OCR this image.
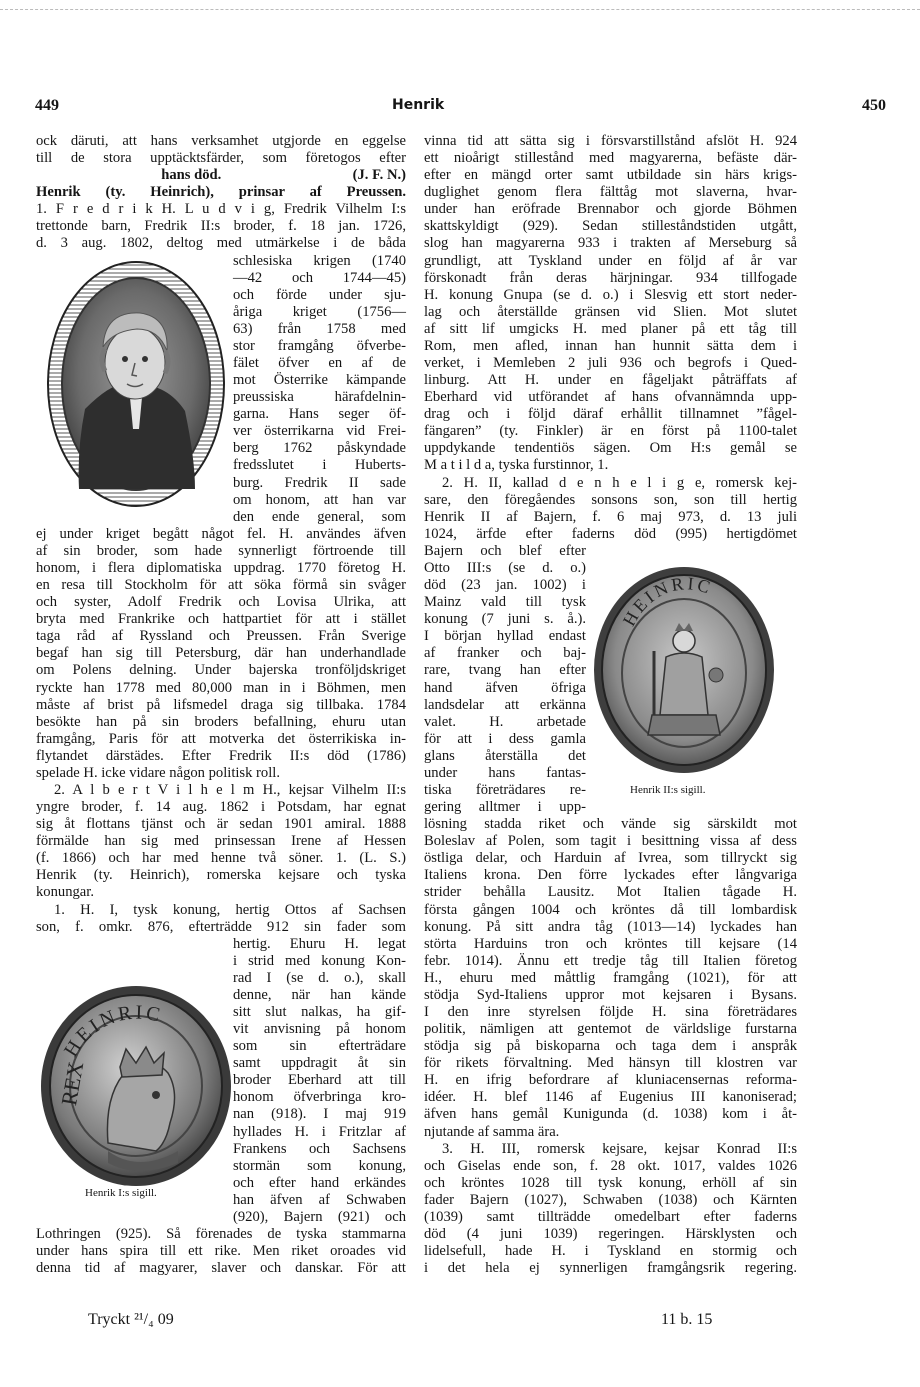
449	Henrik	450

ock däruti, att hans verksamhet utgjorde en eggelse

till de stora upptäcktsfärder, som företogos efter

hans död.                                    (J. F. N.)

Henrik (ty. Heinrich), prinsar af Preussen.

1. F r e d r i k H. L u d v i g, Fredrik Vilhelm I:s

trettonde barn, Fredrik II:s broder, f. 18 jan. 1726,

d. 3 aug. 1802, deltog med utmärkelse i de båda

schlesiska krigen (1740

—42 och 1744—45)

och förde under sju-

åriga kriget (1756—

63) från 1758 med

stor framgång öfverbe-

fälet öfver en af de

mot Österrike kämpande

preussiska härafdelnin-

garna. Hans seger öf-

ver österrikarna vid Frei-

berg 1762 påskyndade

fredsslutet i Huberts-

burg. Fredrik II sade

om honom, att han var

den ende general, som

ej under kriget begått något fel. H. användes äfven

af sin broder, som hade synnerligt förtroende till

honom, i flera diplomatiska uppdrag. 1770 företog H.

en resa till Stockholm för att söka förmå sin svåger

och syster, Adolf Fredrik och Lovisa Ulrika, att

bryta med Frankrike och hattpartiet för att i stället

taga råd af Ryssland och Preussen. Från Sverige

begaf han sig till Petersburg, där han underhandlade

om Polens delning. Under bajerska tronföljdskriget

ryckte han 1778 med 80,000 man in i Böhmen, men

måste af brist på lifsmedel draga sig tillbaka. 1784

besökte han på sin broders befallning, ehuru utan

framgång, Paris för att motverka det österrikiska in-

flytandet därstädes. Efter Fredrik II:s död (1786)

spelade H. icke vidare någon politisk roll.

2. A l b e r t V i l h e l m H., kejsar Vilhelm II:s

yngre broder, f. 14 aug. 1862 i Potsdam, har egnat

sig åt flottans tjänst och är sedan 1901 amiral. 1888

förmälde han sig med prinsessan Irene af Hessen

(f. 1866) och har med henne två söner. 1. (L. S.)

Henrik (ty. Heinrich), romerska kejsare och tyska

konungar.

1. H. I, tysk konung, hertig Ottos af Sachsen

son, f. omkr. 876, efterträdde 912 sin fader som

hertig. Ehuru H. legat

i strid med konung Kon-

rad I (se d. o.), skall

denne, när han kände

sitt slut nalkas, ha gif-

vit anvisning på honom

som sin efterträdare

samt uppdragit åt sin

broder Eberhard att till

honom öfverbringa kro-

nan (918). I maj 919

hyllades H. i Fritzlar af

Frankens och Sachsens

stormän som konung,

och efter hand erkändes

han äfven af Schwaben

(920), Bajern (921) och

Lothringen (925). Så förenades de tyska stammarna

under hans spira till ett rike. Men riket oroades vid

denna tid af magyarer, slaver och danskar. För att

vinna tid att sätta sig i försvarstillstånd afslöt H. 924

ett nioårigt stillestånd med magyarerna, befäste där-

efter en mängd orter samt utbildade sin härs krigs-

duglighet genom flera fälttåg mot slaverna, hvar-

under han eröfrade Brennabor och gjorde Böhmen

skattskyldigt (929). Sedan stilleståndstiden utgått,

slog han magyarerna 933 i trakten af Merseburg så

grundligt, att Tyskland under en följd af år var

förskonadt från deras härjningar. 934 tillfogade

H. konung Gnupa (se d. o.) i Slesvig ett stort neder-

lag och återställde gränsen vid Slien. Mot slutet

af sitt lif umgicks H. med planer på ett tåg till

Rom, men afled, innan han hunnit sätta dem i

verket, i Memleben 2 juli 936 och begrofs i Qued-

linburg. Att H. under en fågeljakt påträffats af

Eberhard vid utförandet af hans ofvannämnda upp-

drag och i följd däraf erhållit tillnamnet ”fågel-

fängaren” (ty. Finkler) är en först på 1100-talet

uppdykande tendentiös sägen. Om H:s gemål se

M a t i l d a, tyska furstinnor, 1.

2. H. II, kallad d e n h e l i g e, romersk kej-

sare, den föregåendes sonsons son, son till hertig

Henrik II af Bajern, f. 6 maj 973, d. 13 juli

1024, ärfde efter faderns död (995) hertigdömet

Bajern och blef efter

Otto III:s (se d. o.)

död (23 jan. 1002) i

Mainz vald till tysk

konung (7 juni s. å.).

I början hyllad endast

af franker och baj-

rare, tvang han efter

hand äfven öfriga

landsdelar att erkänna

valet. H. arbetade

för att i dess gamla

glans återställa det

under hans fantas-

tiska företrädares re-

gering alltmer i upp-

lösning stadda riket och vände sig särskildt mot

Boleslav af Polen, som tagit i besittning vissa af dess

östliga delar, och Harduin af Ivrea, som tillryckt sig

Italiens krona. Den förre lyckades efter långvariga

strider behålla Lausitz. Mot Italien tågade H.

första gången 1004 och kröntes då till lombardisk

konung. På sitt andra tåg (1013—14) lyckades han

störta Harduins tron och kröntes till kejsare (14

febr. 1014). Ännu ett tredje tåg till Italien företog

H., ehuru med måttlig framgång (1021), för att

stödja Syd-Italiens uppror mot kejsaren i Bysans.

I den inre styrelsen följde H. sina företrädares

politik, nämligen att gentemot de världslige furstarna

stödja sig på biskoparna och taga dem i anspråk

för rikets förvaltning. Med hänsyn till klostren var

H. en ifrig befordrare af kluniacensernas reforma-

idéer. H. blef 1146 af Eugenius III kanoniserad;

äfven hans gemål Kunigunda (d. 1038) kom i åt-

njutande af samma ära.

3. H. III, romersk kejsare, kejsar Konrad II:s

och Giselas ende son, f. 28 okt. 1017, valdes 1026

och kröntes 1028 till tysk konung, erhöll af sin

fader Bajern (1027), Schwaben (1038) och Kärnten

(1039) samt tillträdde omedelbart efter faderns

död (4 juni 1039) regeringen. Härsklysten och

lidelsefull, hade H. i Tyskland en stormig och

i det hela ej synnerligen framgångsrik regering.

REX
HEINRIC
Henrik I:s sigill.
HEINRIC
Henrik II:s sigill.
Tryckt ²¹/₄ 09	11 b. 15
